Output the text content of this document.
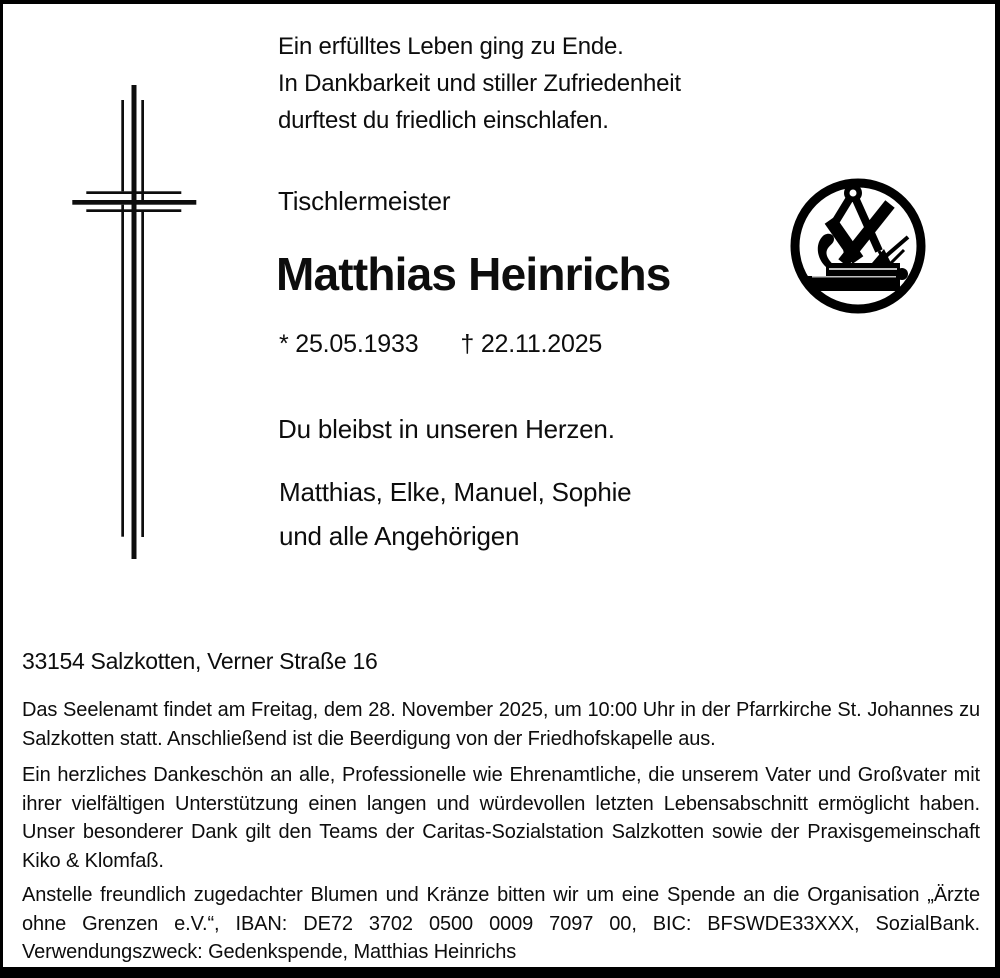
Ein erfülltes Leben ging zu Ende.
In Dankbarkeit und stiller Zufriedenheit
durftest du friedlich einschlafen.
Tischlermeister
Matthias Heinrichs
* 25.05.1933 † 22.11.2025
Du bleibst in unseren Herzen.
Matthias, Elke, Manuel, Sophie
und alle Angehörigen
33154 Salzkotten, Verner Straße 16

Das Seelenamt findet am Freitag, dem 28. November 2025, um 10:00 Uhr in der Pfarrkirche St. Johannes zu Salzkotten statt. Anschließend ist die Beerdigung von der Friedhofskapelle aus.

Ein herzliches Dankeschön an alle, Professionelle wie Ehrenamtliche, die unserem Vater und Großvater mit ihrer vielfältigen Unterstützung einen langen und würdevollen letzten Lebensabschnitt ermöglicht haben. Unser besonderer Dank gilt den Teams der Caritas-Sozialstation Salzkotten sowie der Praxisgemeinschaft Kiko & Klomfaß.

Anstelle freundlich zugedachter Blumen und Kränze bitten wir um eine Spende an die Organisation „Ärzte ohne Grenzen e.V.“, IBAN: DE72 3702 0500 0009 7097 00, BIC: BFSWDE33XXX, SozialBank. Verwendungszweck: Gedenkspende, Matthias Heinrichs
